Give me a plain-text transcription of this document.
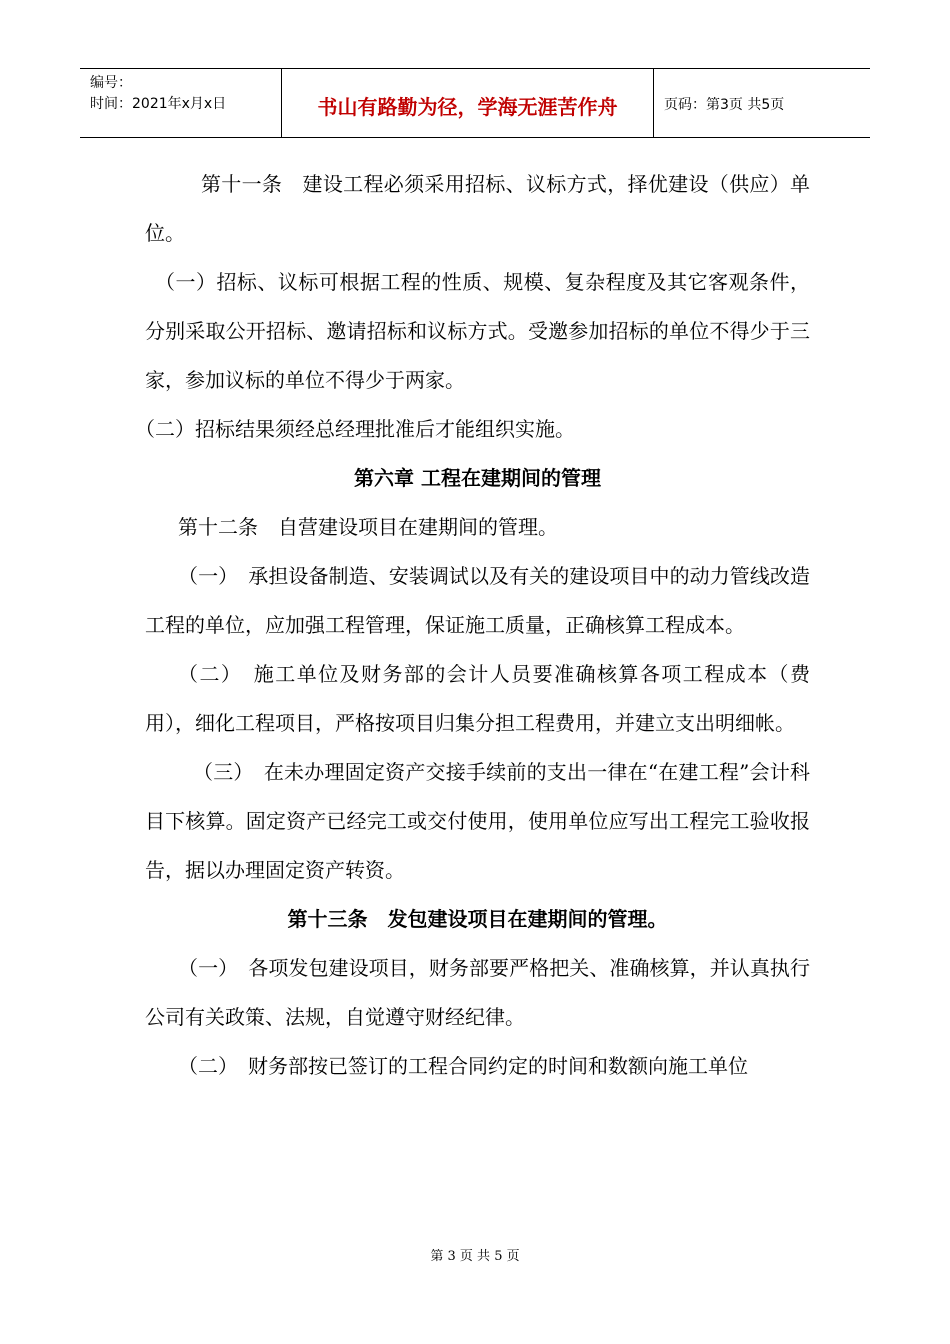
编号：
时间：2021年x月x日	书山有路勤为径，学海无涯苦作舟	页码：第3页 共5页

第十一条　建设工程必须采用招标、议标方式，择优建设（供应）单位。

（一）招标、议标可根据工程的性质、规模、复杂程度及其它客观条件，分别采取公开招标、邀请招标和议标方式。受邀参加招标的单位不得少于三家，参加议标的单位不得少于两家。

（二）招标结果须经总经理批准后才能组织实施。

第六章 工程在建期间的管理

第十二条　自营建设项目在建期间的管理。

（一）　承担设备制造、安装调试以及有关的建设项目中的动力管线改造工程的单位，应加强工程管理，保证施工质量，正确核算工程成本。

（二）　施工单位及财务部的会计人员要准确核算各项工程成本（费用），细化工程项目，严格按项目归集分担工程费用，并建立支出明细帐。

（三）　在未办理固定资产交接手续前的支出一律在“在建工程”会计科目下核算。固定资产已经完工或交付使用，使用单位应写出工程完工验收报告，据以办理固定资产转资。

第十三条　发包建设项目在建期间的管理。

（一）　各项发包建设项目，财务部要严格把关、准确核算，并认真执行公司有关政策、法规，自觉遵守财经纪律。

（二）　财务部按已签订的工程合同约定的时间和数额向施工单位

第 3 页 共 5 页
